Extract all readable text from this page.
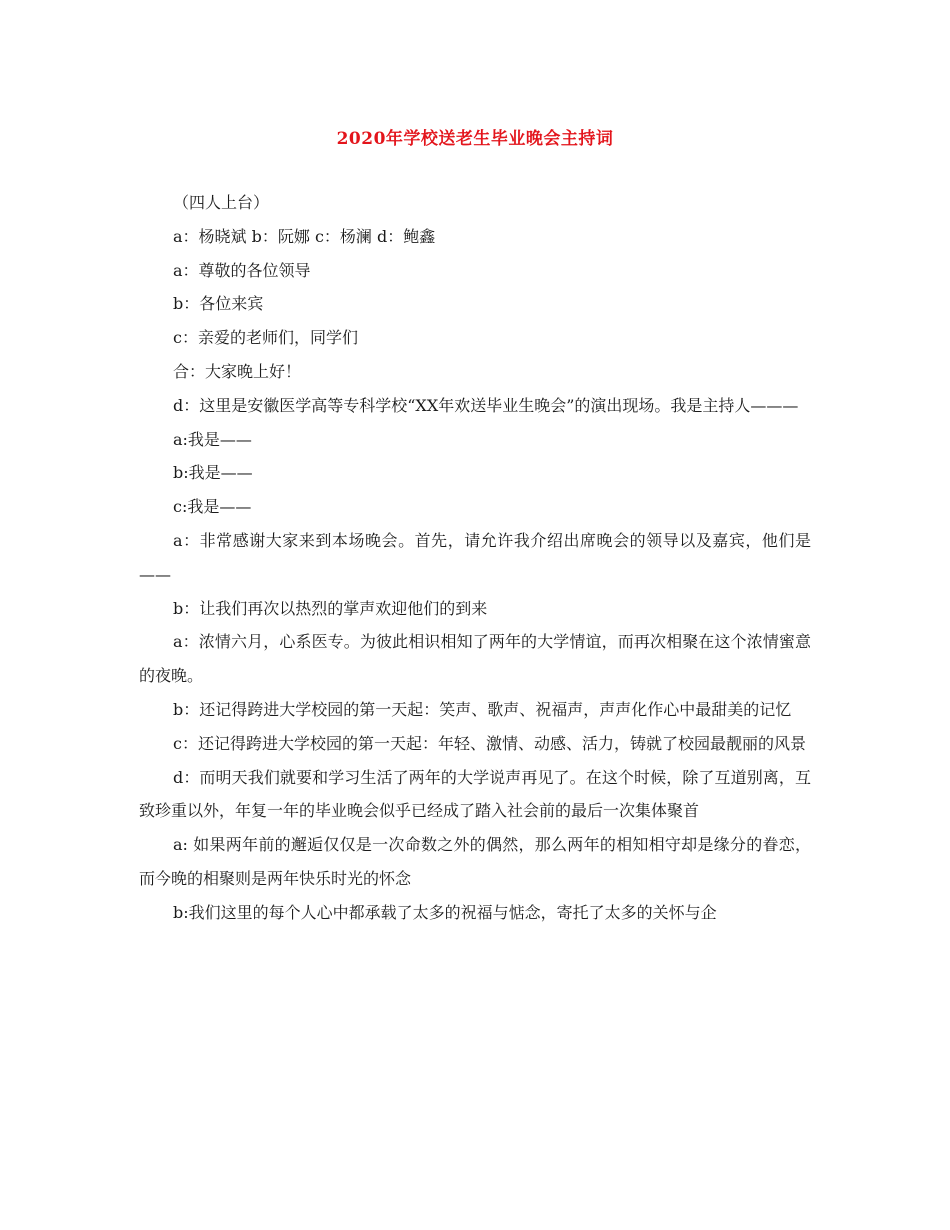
2020年学校送老生毕业晚会主持词

（四人上台）

a：杨晓斌 b：阮娜 c：杨澜 d：鲍鑫

a：尊敬的各位领导

b：各位来宾

c：亲爱的老师们，同学们

合：大家晚上好！

d：这里是安徽医学高等专科学校“XX年欢送毕业生晚会”的演出现场。我是主持人———

a:我是——

b:我是——

c:我是——

a：非常感谢大家来到本场晚会。首先，请允许我介绍出席晚会的领导以及嘉宾，他们是——

b：让我们再次以热烈的掌声欢迎他们的到来

a：浓情六月，心系医专。为彼此相识相知了两年的大学情谊，而再次相聚在这个浓情蜜意的夜晚。

b：还记得跨进大学校园的第一天起：笑声、歌声、祝福声，声声化作心中最甜美的记忆

c：还记得跨进大学校园的第一天起：年轻、激情、动感、活力，铸就了校园最靓丽的风景

d：而明天我们就要和学习生活了两年的大学说声再见了。在这个时候，除了互道别离，互致珍重以外，年复一年的毕业晚会似乎已经成了踏入社会前的最后一次集体聚首

a: 如果两年前的邂逅仅仅是一次命数之外的偶然，那么两年的相知相守却是缘分的眷恋，而今晚的相聚则是两年快乐时光的怀念

b:我们这里的每个人心中都承载了太多的祝福与惦念，寄托了太多的关怀与企
